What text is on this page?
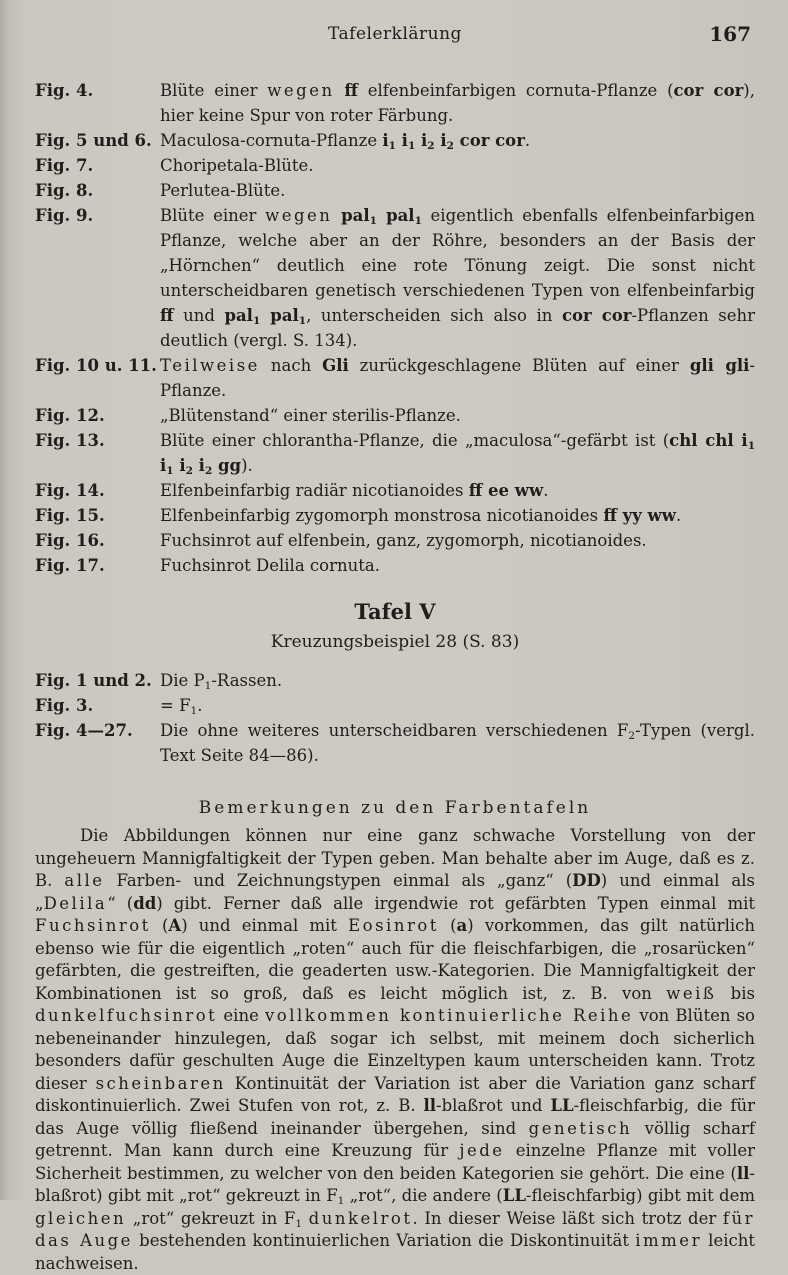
Tafelerklärung	167
Fig. 4.	Blüte einer wegen ff elfenbeinfarbigen cornuta-Pflanze (cor cor), hier keine Spur von roter Färbung.
Fig. 5 und 6. Maculosa-cornuta-Pflanze $i_1$ $i_1$ $i_2$ $i_2$ cor cor.
Fig. 7.	Choripetala-Blüte.
Fig. 8.	Perlutea-Blüte.
Fig. 9.	Blüte einer wegen pal$_1$ pal$_1$ eigentlich ebenfalls elfenbeinfarbigen Pflanze, welche aber an der Röhre, besonders an der Basis der „Hörnchen“ deutlich eine rote Tönung zeigt. Die sonst nicht unterscheidbaren genetisch verschiedenen Typen von elfenbeinfarbig ff und pal$_1$ pal$_1$, unterscheiden sich also in cor cor-Pflanzen sehr deutlich (vergl. S. 134).
Fig. 10 u. 11. Teilweise nach Gli zurückgeschlagene Blüten auf einer gli gli-Pflanze.
Fig. 12.	„Blütenstand“ einer sterilis-Pflanze.
Fig. 13.	Blüte einer chlorantha-Pflanze, die „maculosa“-gefärbt ist (chl chl $i_1$ $i_1$ $i_2$ $i_2$ gg).
Fig. 14.	Elfenbeinfarbig radiär nicotianoides ff ee ww.
Fig. 15.	Elfenbeinfarbig zygomorph monstrosa nicotianoides ff yy ww.
Fig. 16.	Fuchsinrot auf elfenbein, ganz, zygomorph, nicotianoides.
Fig. 17.	Fuchsinrot Delila cornuta.
Tafel V
Kreuzungsbeispiel 28 (S. 83)
Fig. 1 und 2. Die $P_1$-Rassen.
Fig. 3.	= $F_1$.
Fig. 4—27.	Die ohne weiteres unterscheidbaren verschiedenen $F_2$-Typen (vergl. Text Seite 84—86).
Bemerkungen zu den Farbentafeln

Die Abbildungen können nur eine ganz schwache Vorstellung von der ungeheuern Mannigfaltigkeit der Typen geben. Man behalte aber im Auge, daß es z. B. alle Farben- und Zeichnungstypen einmal als „ganz“ (DD) und einmal als „Delila“ (dd) gibt. Ferner daß alle irgendwie rot gefärbten Typen einmal mit Fuchsinrot (A) und einmal mit Eosinrot (a) vorkommen, das gilt natürlich ebenso wie für die eigentlich „roten“ auch für die fleischfarbigen, die „rosarücken“ gefärbten, die gestreiften, die geaderten usw.-Kategorien. Die Mannigfaltigkeit der Kombinationen ist so groß, daß es leicht möglich ist, z. B. von weiß bis dunkelfuchsinrot eine vollkommen kontinuierliche Reihe von Blüten so nebeneinander hinzulegen, daß sogar ich selbst, mit meinem doch sicherlich besonders dafür geschulten Auge die Einzeltypen kaum unterscheiden kann. Trotz dieser scheinbaren Kontinuität der Variation ist aber die Variation ganz scharf diskontinuierlich. Zwei Stufen von rot, z. B. ll-blaßrot und LL-fleischfarbig, die für das Auge völlig fließend ineinander übergehen, sind genetisch völlig scharf getrennt. Man kann durch eine Kreuzung für jede einzelne Pflanze mit voller Sicherheit bestimmen, zu welcher von den beiden Kategorien sie gehört. Die eine (ll-blaßrot) gibt mit „rot“ gekreuzt in $F_1$ „rot“, die andere (LL-fleischfarbig) gibt mit dem gleichen „rot“ gekreuzt in $F_1$ dunkelrot. In dieser Weise läßt sich trotz der für das Auge bestehenden kontinuierlichen Variation die Diskontinuität immer leicht nachweisen.
